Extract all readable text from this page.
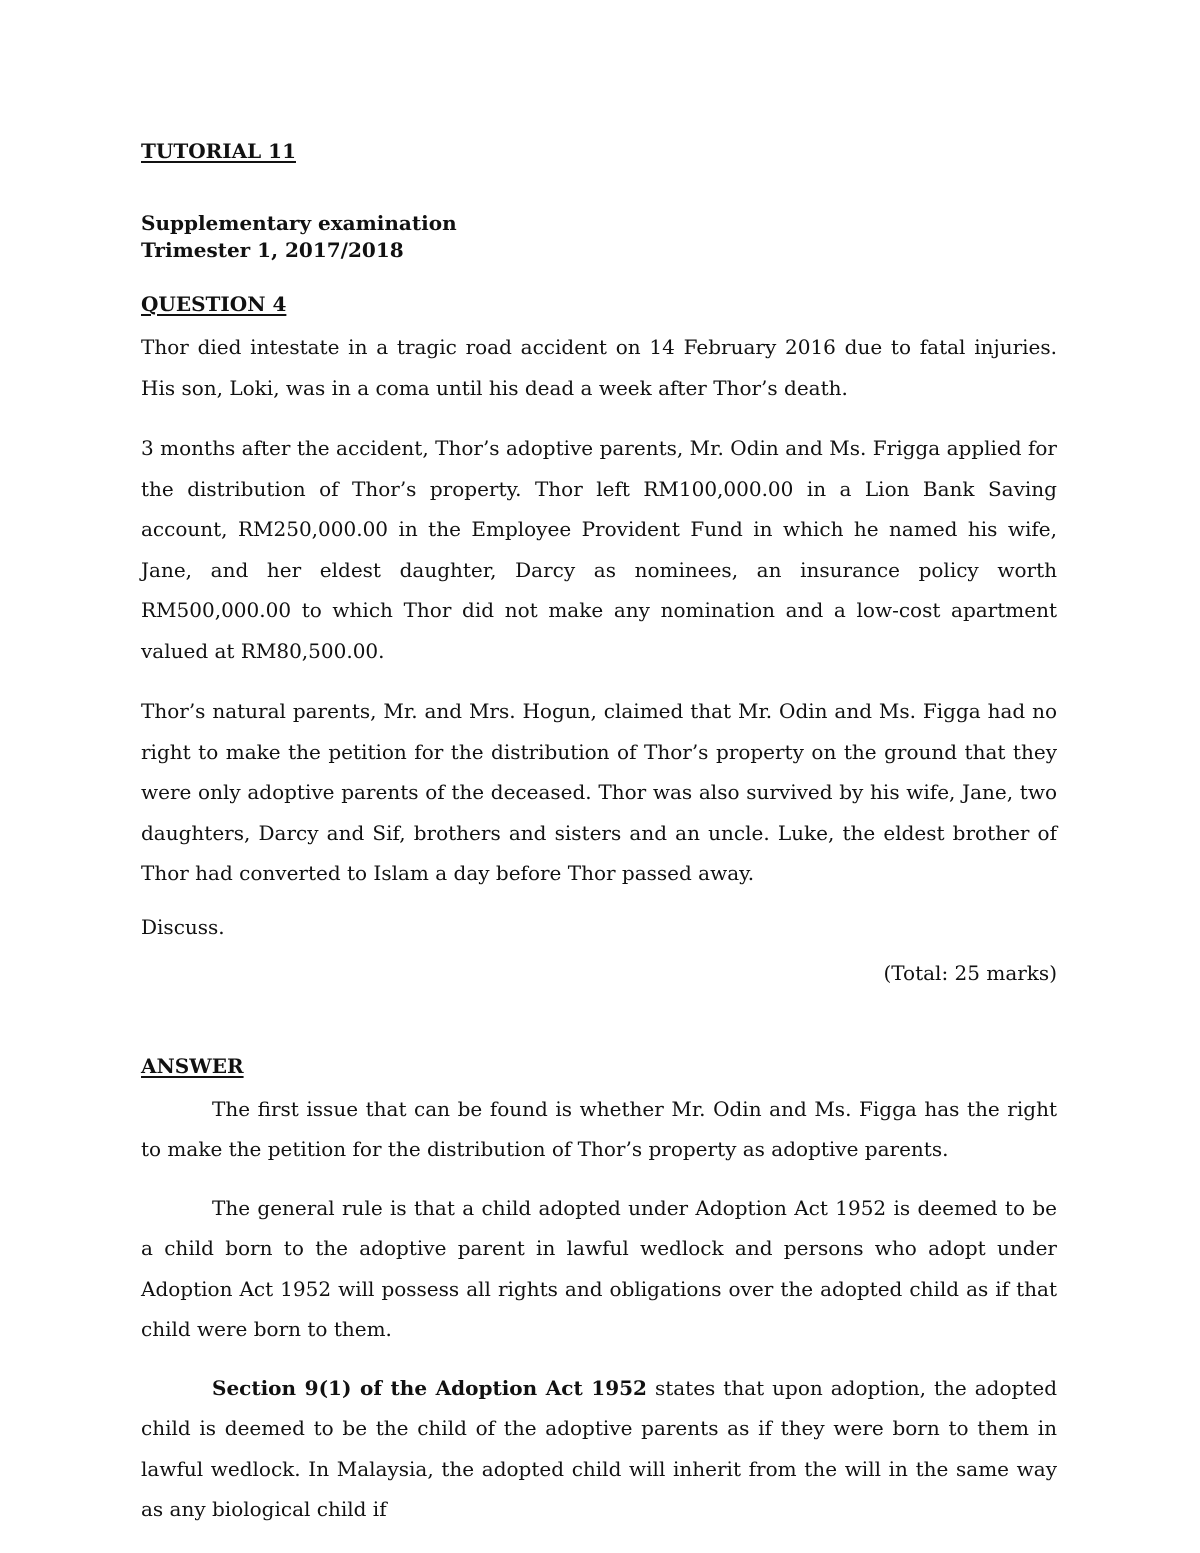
TUTORIAL 11

Supplementary examination

Trimester 1, 2017/2018

QUESTION 4

Thor died intestate in a tragic road accident on 14 February 2016 due to fatal injuries. His son, Loki, was in a coma until his dead a week after Thor’s death.

3 months after the accident, Thor’s adoptive parents, Mr. Odin and Ms. Frigga applied for the distribution of Thor’s property. Thor left RM100,000.00 in a Lion Bank Saving account, RM250,000.00 in the Employee Provident Fund in which he named his wife, Jane, and her eldest daughter, Darcy as nominees, an insurance policy worth RM500,000.00 to which Thor did not make any nomination and a low-cost apartment valued at RM80,500.00.

Thor’s natural parents, Mr. and Mrs. Hogun, claimed that Mr. Odin and Ms. Figga had no right to make the petition for the distribution of Thor’s property on the ground that they were only adoptive parents of the deceased. Thor was also survived by his wife, Jane, two daughters, Darcy and Sif, brothers and sisters and an uncle. Luke, the eldest brother of Thor had converted to Islam a day before Thor passed away.

Discuss.

(Total: 25 marks)

ANSWER

The first issue that can be found is whether Mr. Odin and Ms. Figga has the right to make the petition for the distribution of Thor’s property as adoptive parents.

The general rule is that a child adopted under Adoption Act 1952 is deemed to be a child born to the adoptive parent in lawful wedlock and persons who adopt under Adoption Act 1952 will possess all rights and obligations over the adopted child as if that child were born to them.

Section 9(1) of the Adoption Act 1952 states that upon adoption, the adopted child is deemed to be the child of the adoptive parents as if they were born to them in lawful wedlock. In Malaysia, the adopted child will inherit from the will in the same way as any biological child if
